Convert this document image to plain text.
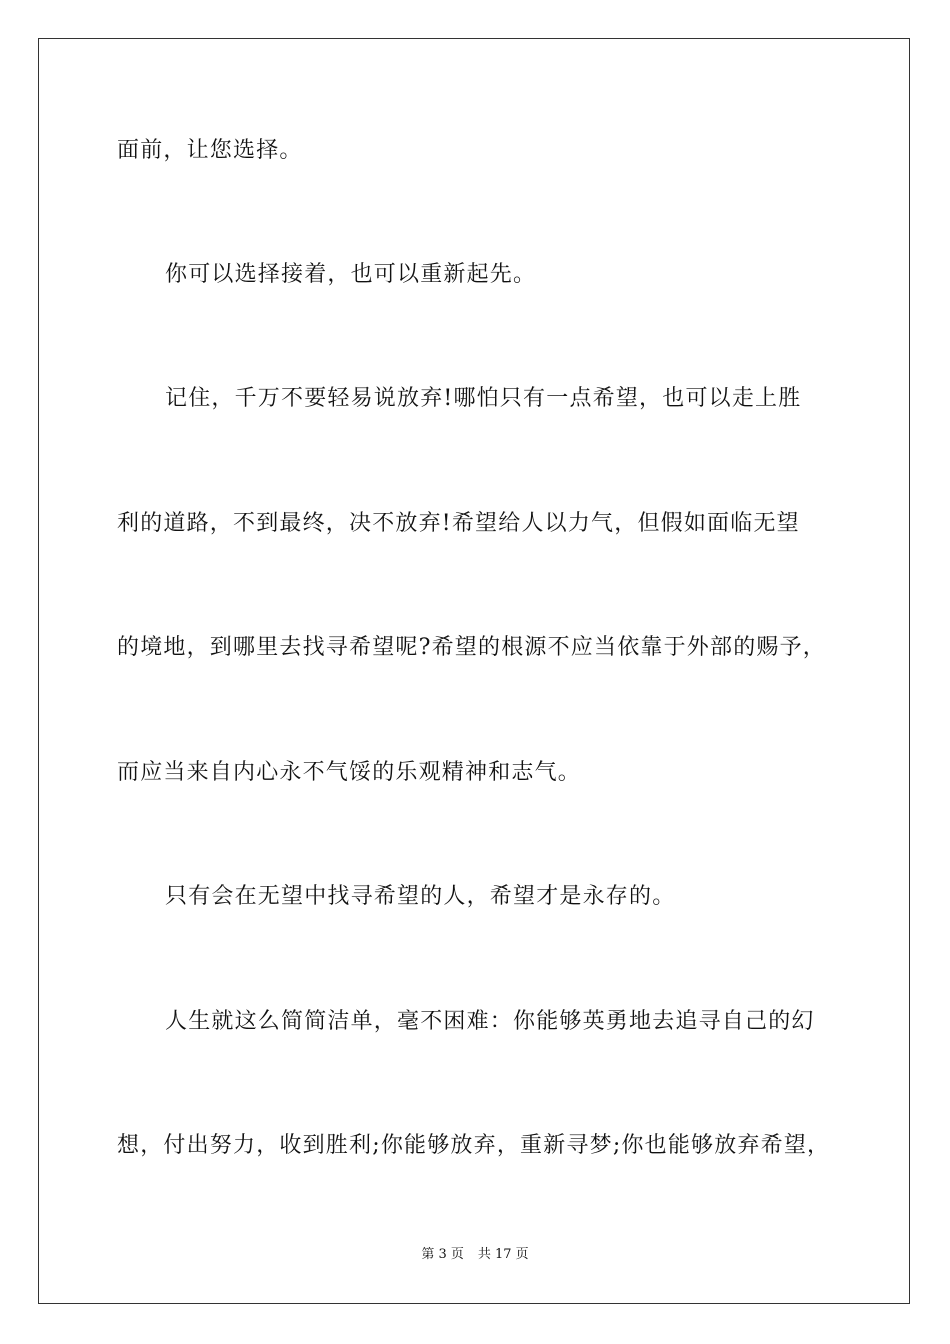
面前，让您选择。
你可以选择接着，也可以重新起先。
记住，千万不要轻易说放弃!哪怕只有一点希望，也可以走上胜
利的道路，不到最终，决不放弃!希望给人以力气，但假如面临无望
的境地，到哪里去找寻希望呢?希望的根源不应当依靠于外部的赐予，
而应当来自内心永不气馁的乐观精神和志气。
只有会在无望中找寻希望的人，希望才是永存的。
人生就这么简简洁单，毫不困难：你能够英勇地去追寻自己的幻
想，付出努力，收到胜利;你能够放弃，重新寻梦;你也能够放弃希望，
第 3 页 共 17 页
